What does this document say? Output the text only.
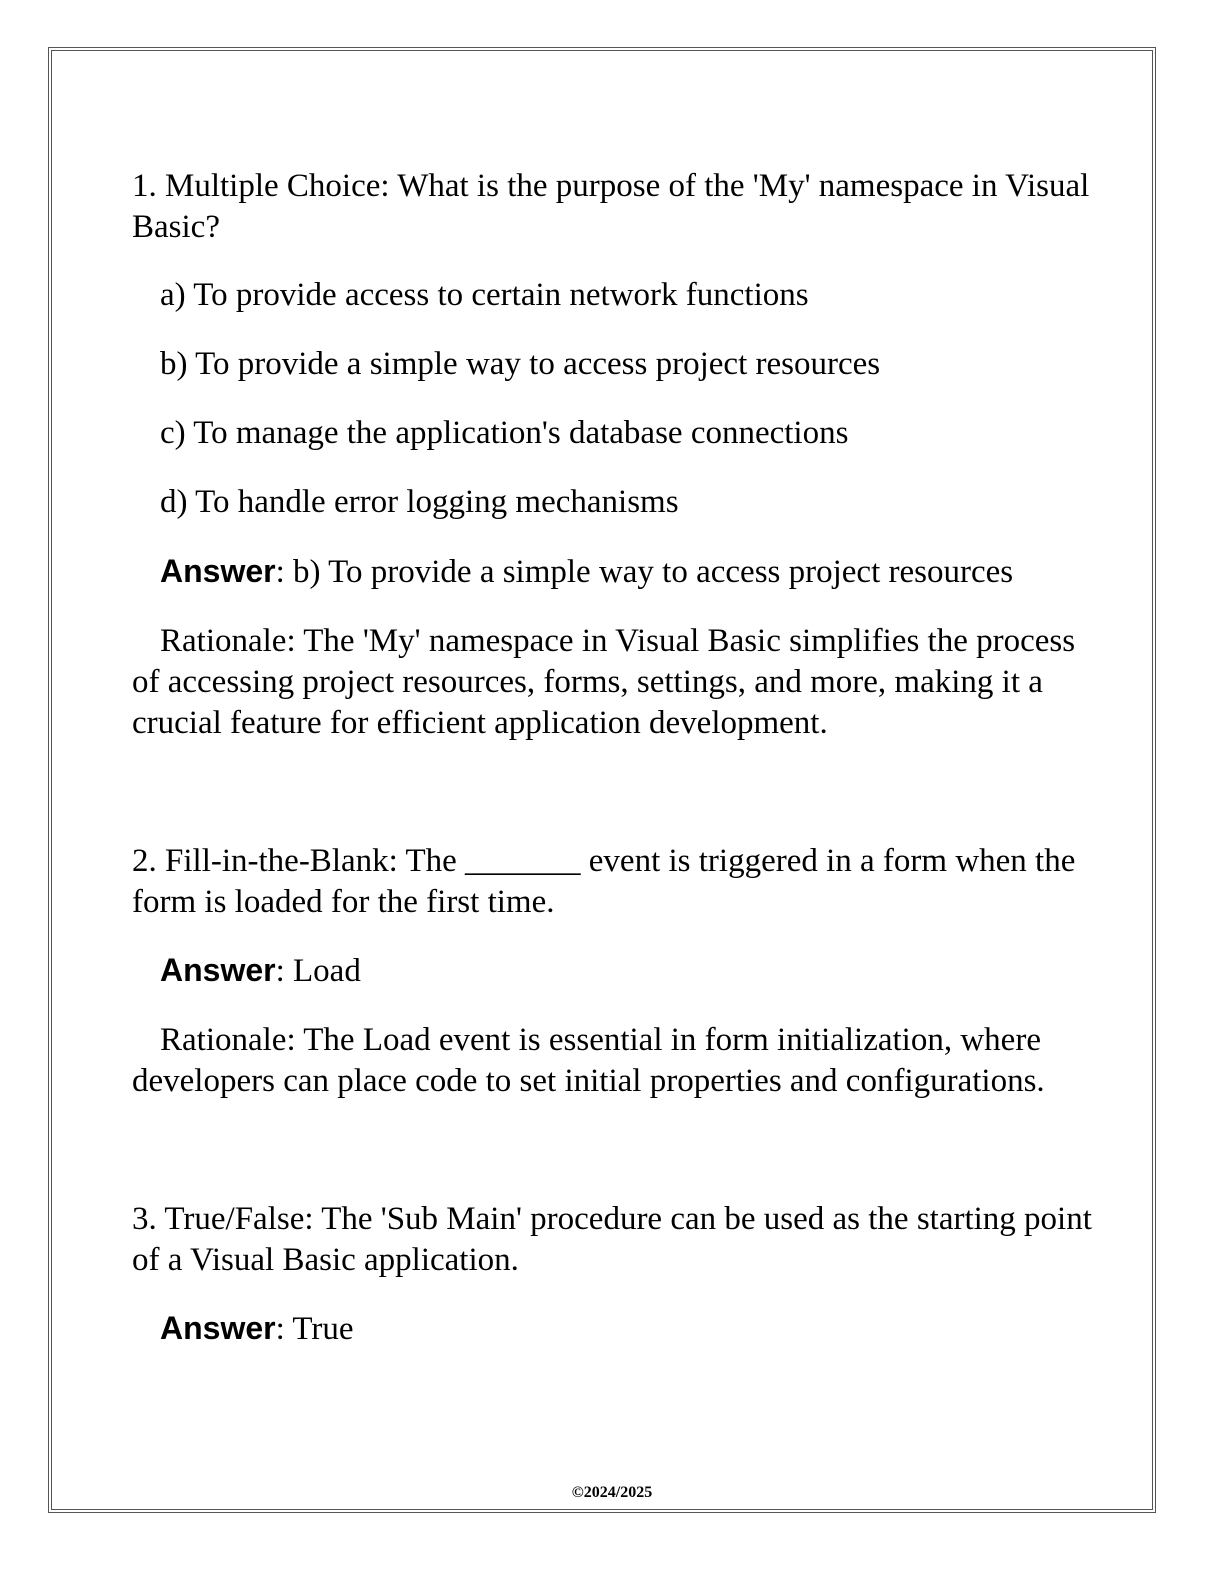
1. Multiple Choice: What is the purpose of the 'My' namespace in Visual Basic?

a) To provide access to certain network functions

b) To provide a simple way to access project resources

c) To manage the application's database connections

d) To handle error logging mechanisms

Answer: b) To provide a simple way to access project resources

Rationale: The 'My' namespace in Visual Basic simplifies the process of accessing project resources, forms, settings, and more, making it a crucial feature for efficient application development.

2. Fill-in-the-Blank: The _______ event is triggered in a form when the form is loaded for the first time.

Answer: Load

Rationale: The Load event is essential in form initialization, where developers can place code to set initial properties and configurations.

3. True/False: The 'Sub Main' procedure can be used as the starting point of a Visual Basic application.

Answer: True

©2024/2025
